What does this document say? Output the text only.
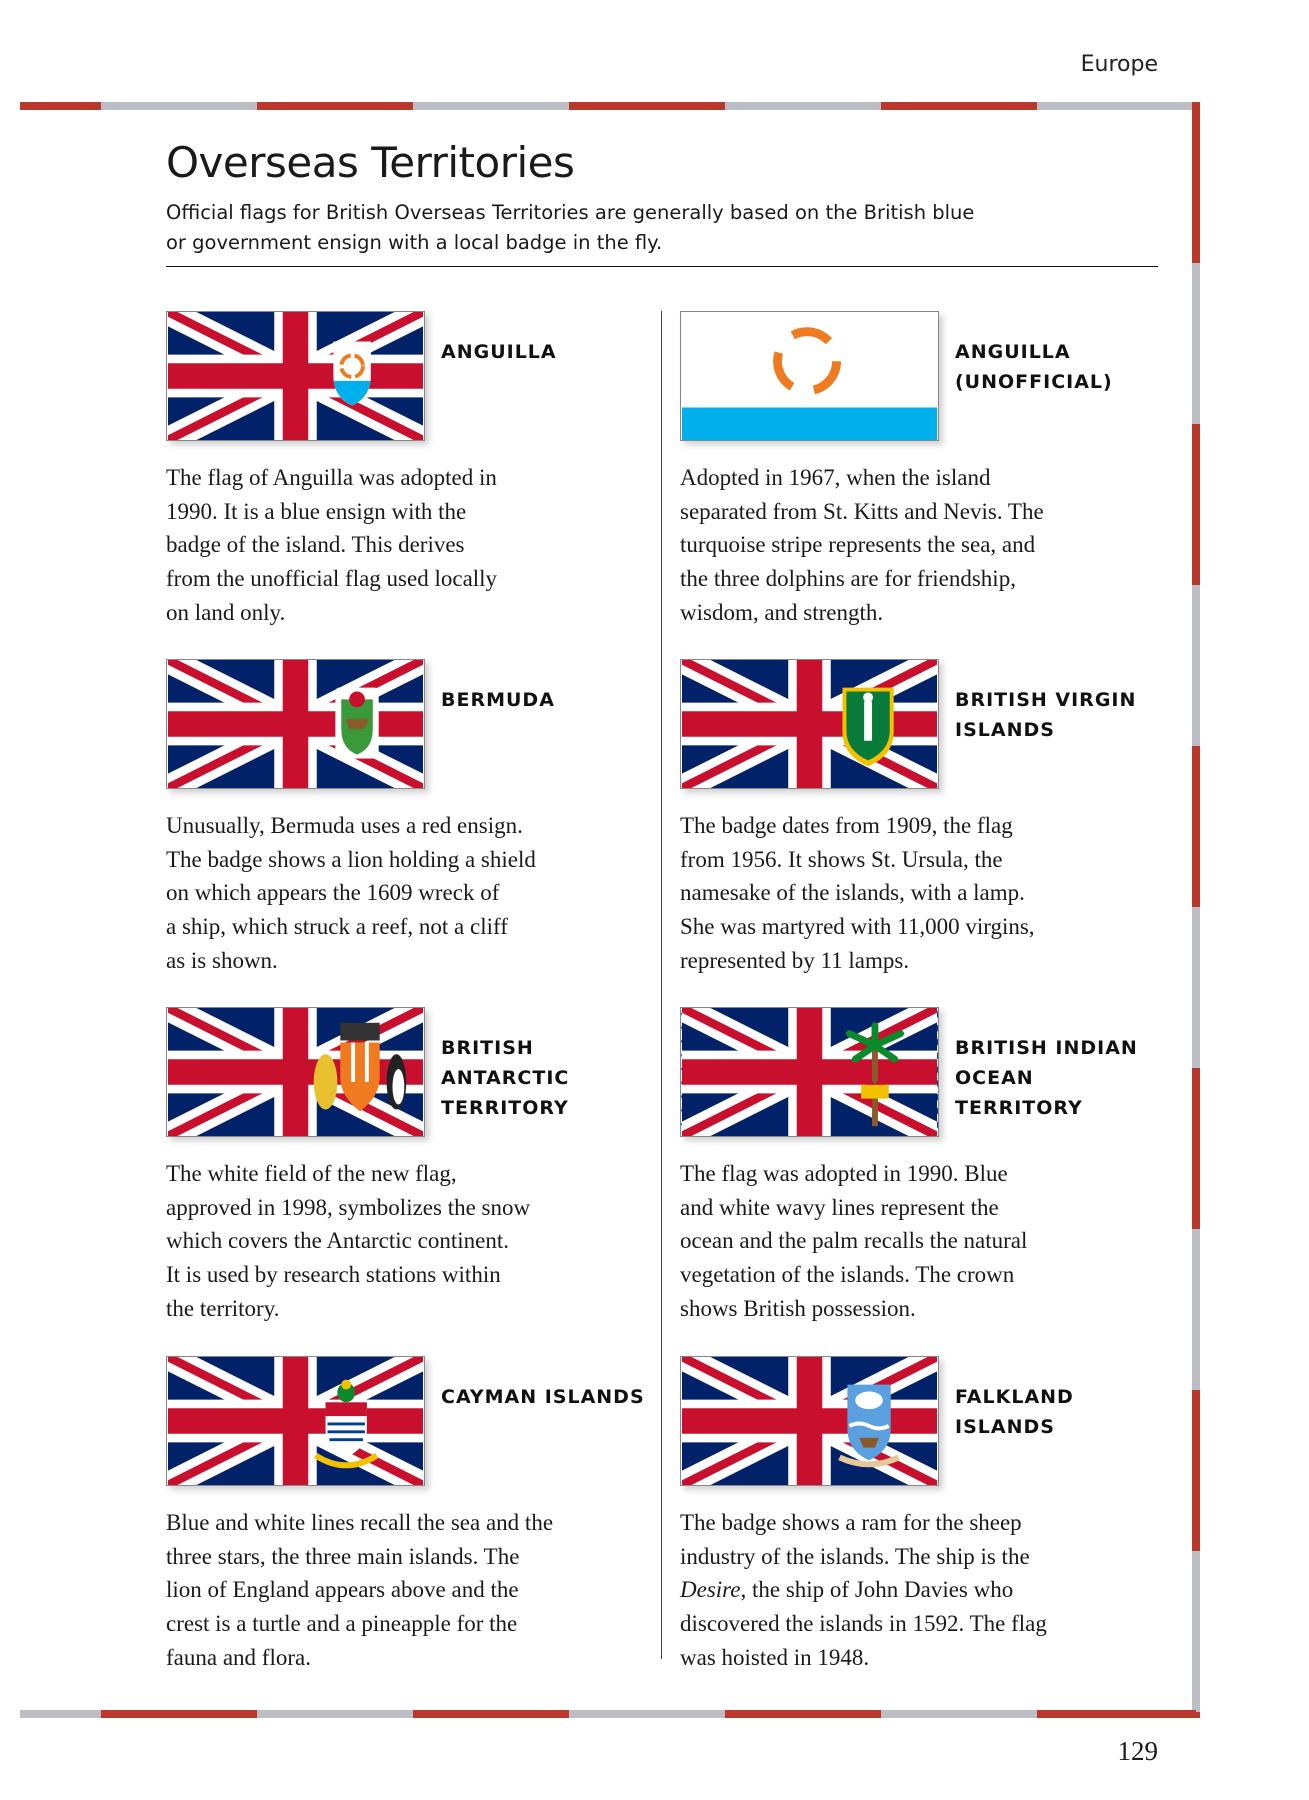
Europe
Overseas Territories
Official flags for British Overseas Territories are generally based on the British blue
or government ensign with a local badge in the fly.
ANGUILLA
The flag of Anguilla was adopted in
1990. It is a blue ensign with the
badge of the island. This derives
from the unofficial flag used locally
on land only.
ANGUILLA
(UNOFFICIAL)
Adopted in 1967, when the island
separated from St. Kitts and Nevis. The
turquoise stripe represents the sea, and
the three dolphins are for friendship,
wisdom, and strength.
BERMUDA
Unusually, Bermuda uses a red ensign.
The badge shows a lion holding a shield
on which appears the 1609 wreck of
a ship, which struck a reef, not a cliff
as is shown.
BRITISH VIRGIN
ISLANDS
The badge dates from 1909, the flag
from 1956. It shows St. Ursula, the
namesake of the islands, with a lamp.
She was martyred with 11,000 virgins,
represented by 11 lamps.
BRITISH
ANTARCTIC
TERRITORY
The white field of the new flag,
approved in 1998, symbolizes the snow
which covers the Antarctic continent.
It is used by research stations within
the territory.
BRITISH INDIAN
OCEAN TERRITORY
The flag was adopted in 1990. Blue
and white wavy lines represent the
ocean and the palm recalls the natural
vegetation of the islands. The crown
shows British possession.
CAYMAN ISLANDS
Blue and white lines recall the sea and the
three stars, the three main islands. The
lion of England appears above and the
crest is a turtle and a pineapple for the
fauna and flora.
FALKLAND
ISLANDS
The badge shows a ram for the sheep
industry of the islands. The ship is the
Desire, the ship of John Davies who
discovered the islands in 1592. The flag
was hoisted in 1948.
129
